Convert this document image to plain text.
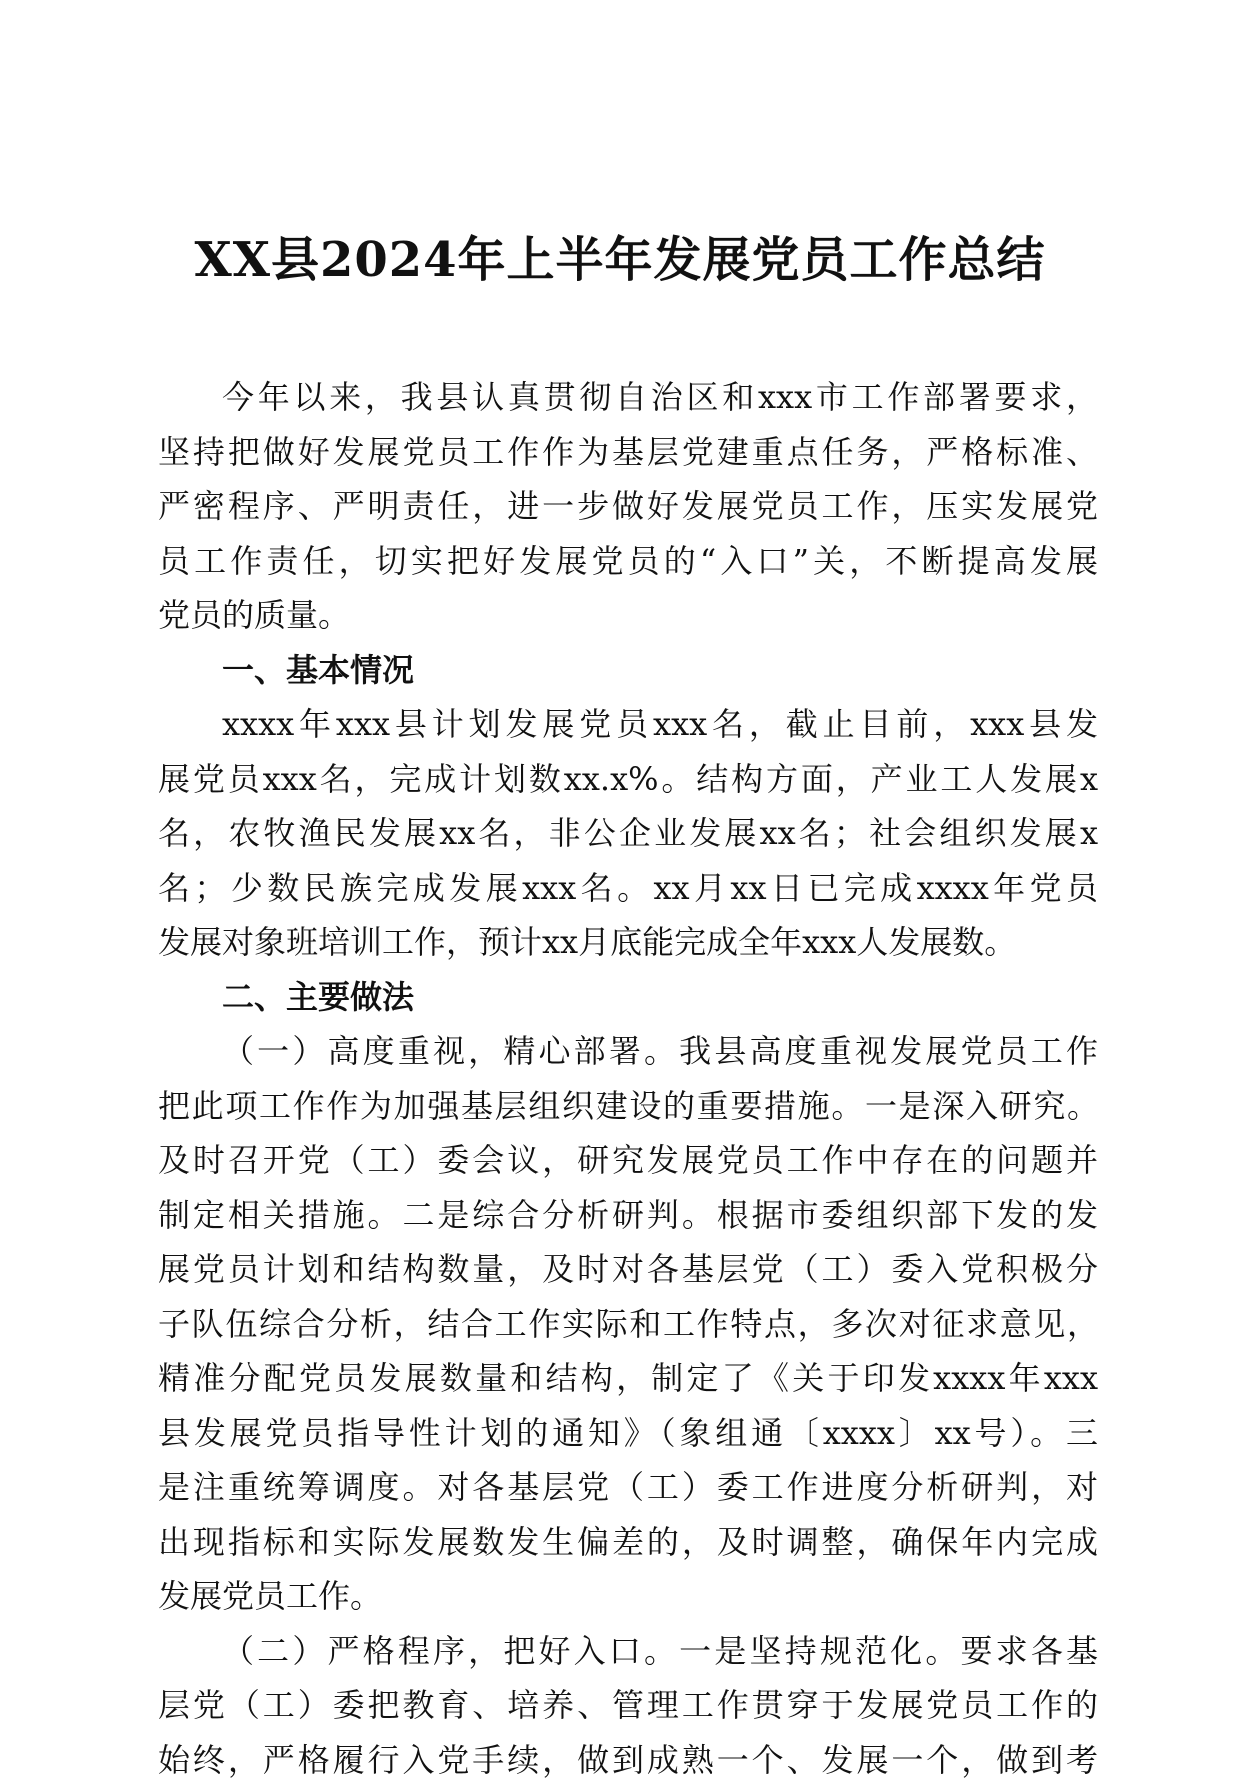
XX县2024年上半年发展党员工作总结
今年以来，我县认真贯彻自治区和xxx市工作部署要求，
坚持把做好发展党员工作作为基层党建重点任务，严格标准、
严密程序、严明责任，进一步做好发展党员工作，压实发展党
员工作责任，切实把好发展党员的“入口”关，不断提高发展
党员的质量。
一、基本情况
xxxx年xxx县计划发展党员xxx名，截止目前，xxx县发
展党员xxx名，完成计划数xx.x%。结构方面，产业工人发展x
名，农牧渔民发展xx名，非公企业发展xx名；社会组织发展x
名；少数民族完成发展xxx名。xx月xx日已完成xxxx年党员
发展对象班培训工作，预计xx月底能完成全年xxx人发展数。
二、主要做法
（一）高度重视，精心部署。我县高度重视发展党员工作
把此项工作作为加强基层组织建设的重要措施。一是深入研究。
及时召开党（工）委会议，研究发展党员工作中存在的问题并
制定相关措施。二是综合分析研判。根据市委组织部下发的发
展党员计划和结构数量，及时对各基层党（工）委入党积极分
子队伍综合分析，结合工作实际和工作特点，多次对征求意见，
精准分配党员发展数量和结构，制定了《关于印发xxxx年xxx
县发展党员指导性计划的通知》（象组通〔xxxx〕xx号）。三
是注重统筹调度。对各基层党（工）委工作进度分析研判，对
出现指标和实际发展数发生偏差的，及时调整，确保年内完成
发展党员工作。
（二）严格程序，把好入口。一是坚持规范化。要求各基
层党（工）委把教育、培养、管理工作贯穿于发展党员工作的
始终，严格履行入党手续，做到成熟一个、发展一个，做到考
